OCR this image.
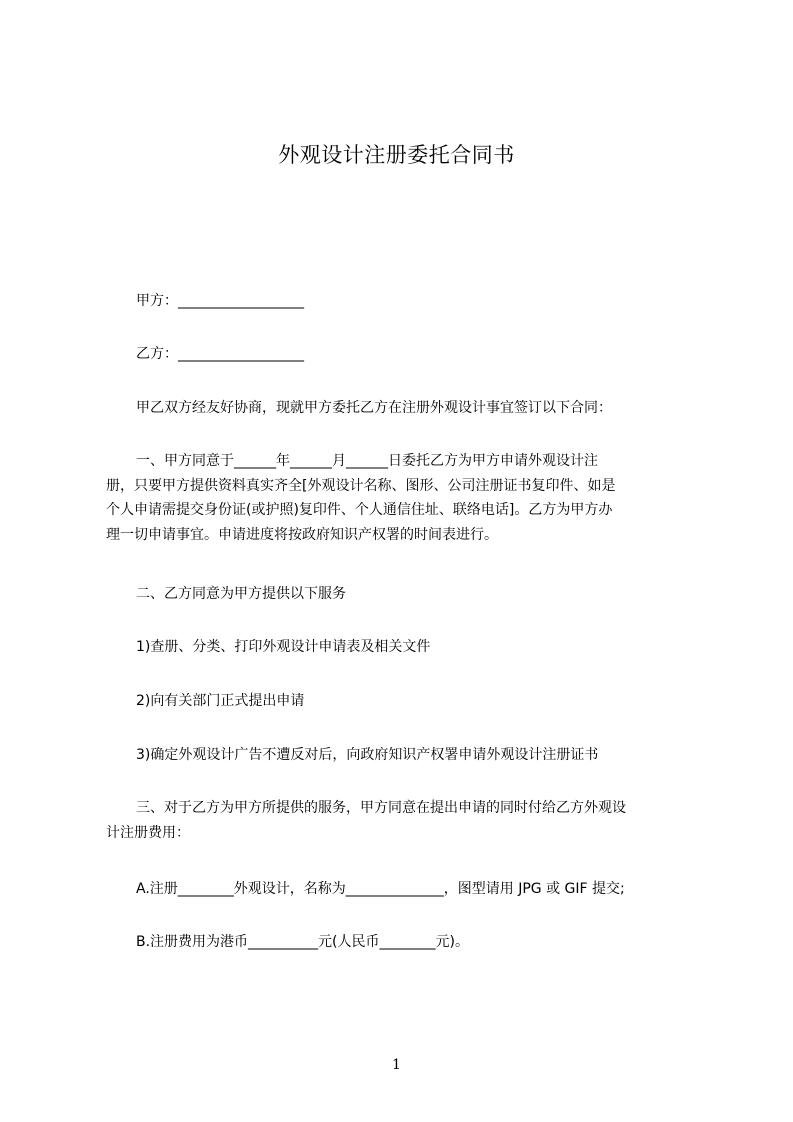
外观设计注册委托合同书
甲方：__________________
乙方：__________________
甲乙双方经友好协商，现就甲方委托乙方在注册外观设计事宜签订以下合同：
一、甲方同意于______年______月______日委托乙方为甲方申请外观设计注
册，只要甲方提供资料真实齐全[外观设计名称、图形、公司注册证书复印件、如是
个人申请需提交身份证(或护照)复印件、个人通信住址、联络电话]。乙方为甲方办
理一切申请事宜。申请进度将按政府知识产权署的时间表进行。
二、乙方同意为甲方提供以下服务
1)查册、分类、打印外观设计申请表及相关文件
2)向有关部门正式提出申请
3)确定外观设计广告不遭反对后，向政府知识产权署申请外观设计注册证书
三、对于乙方为甲方所提供的服务，甲方同意在提出申请的同时付给乙方外观设
计注册费用：
A.注册________外观设计，名称为______________，图型请用 JPG 或 GIF 提交;
B.注册费用为港币__________元(人民币________元)。
1
